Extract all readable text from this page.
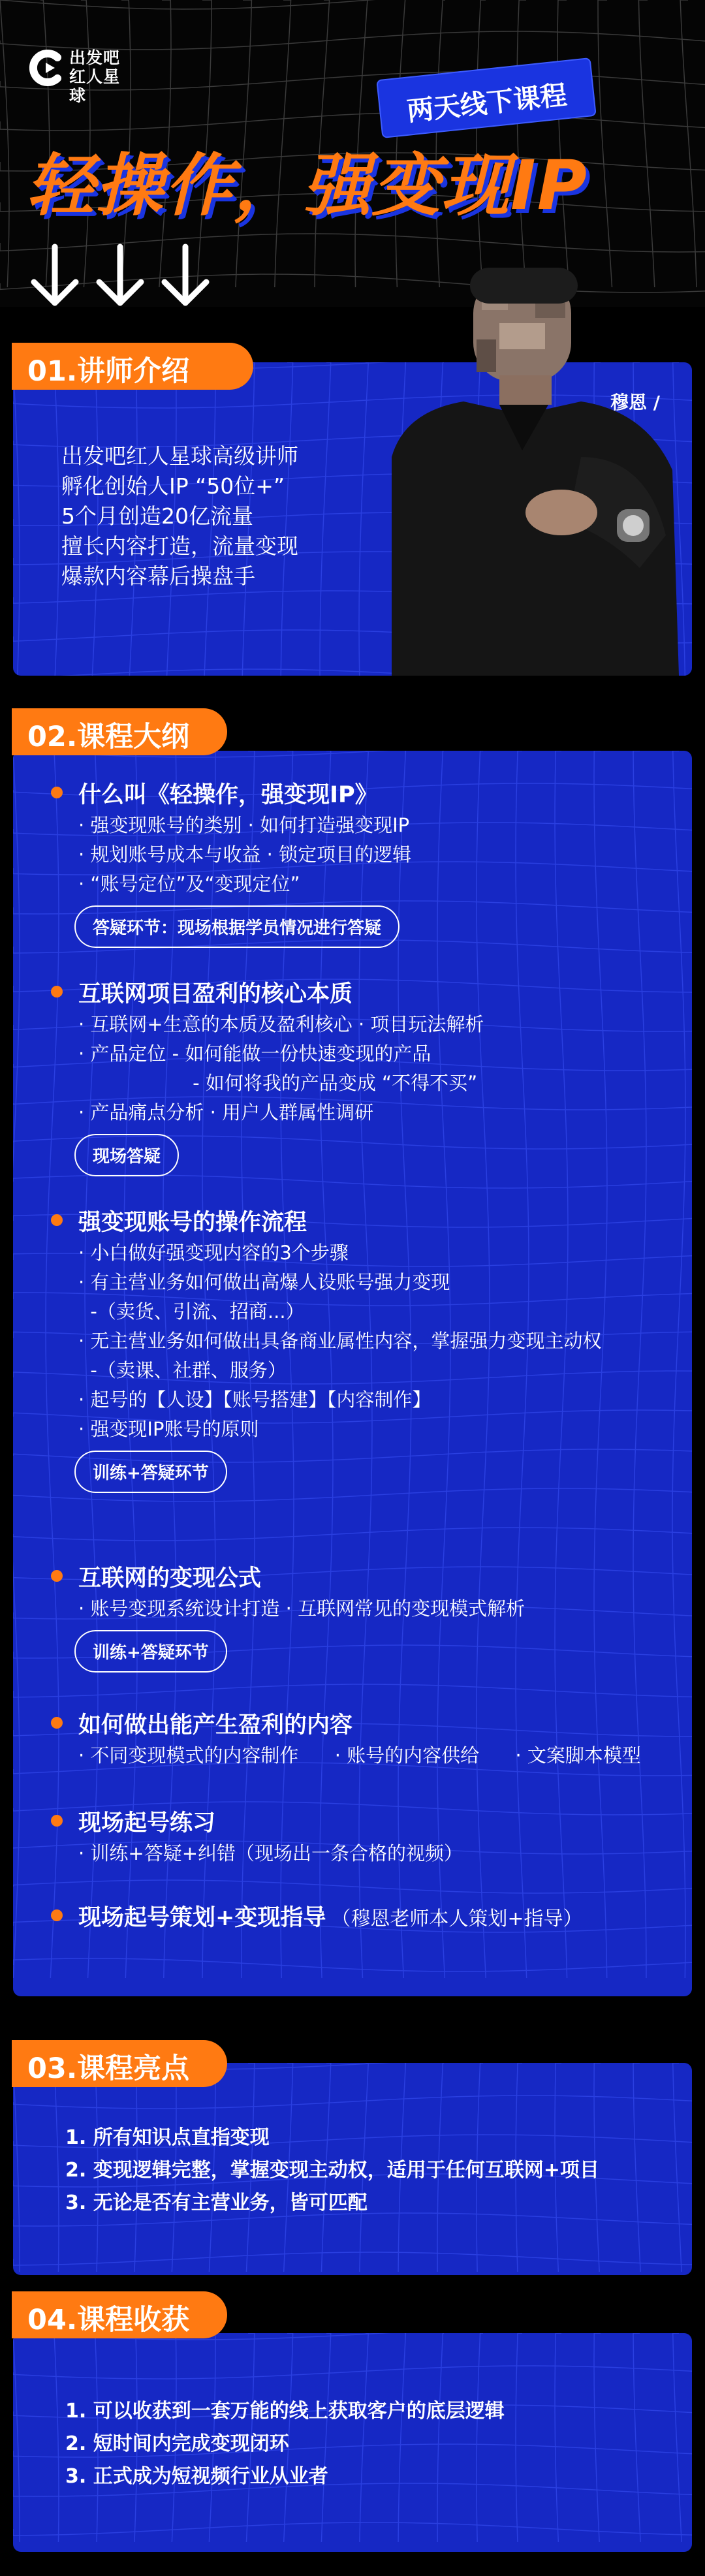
出发吧
红人星球	两天线下课程
轻操作，强变现IP
穆恩 /
01.讲师介绍
出发吧红人星球高级讲师
孵化创始人IP “50位+”
5个月创造20亿流量
擅长内容打造，流量变现
爆款内容幕后操盘手
什么叫《轻操作，强变现IP》
· 强变现账号的类别 · 如何打造强变现IP
· 规划账号成本与收益 · 锁定项目的逻辑
· “账号定位”及“变现定位”
答疑环节：现场根据学员情况进行答疑
互联网项目盈利的核心本质
· 互联网+生意的本质及盈利核心 · 项目玩法解析
· 产品定位 - 如何能做一份快速变现的产品
- 如何将我的产品变成 “不得不买”
· 产品痛点分析 · 用户人群属性调研
现场答疑
强变现账号的操作流程
· 小白做好强变现内容的3个步骤
· 有主营业务如何做出高爆人设账号强力变现
-（卖货、引流、招商...）
· 无主营业务如何做出具备商业属性内容，掌握强力变现主动权
-（卖课、社群、服务）
· 起号的【人设】【账号搭建】【内容制作】
· 强变现IP账号的原则
训练+答疑环节
互联网的变现公式
· 账号变现系统设计打造 · 互联网常见的变现模式解析
训练+答疑环节
如何做出能产生盈利的内容
· 不同变现模式的内容制作      · 账号的内容供给      · 文案脚本模型
现场起号练习
· 训练+答疑+纠错（现场出一条合格的视频）
现场起号策划+变现指导 （穆恩老师本人策划+指导）
02.课程大纲
1. 所有知识点直指变现
2. 变现逻辑完整，掌握变现主动权，适用于任何互联网+项目
3. 无论是否有主营业务，皆可匹配
03.课程亮点
1. 可以收获到一套万能的线上获取客户的底层逻辑
2. 短时间内完成变现闭环
3. 正式成为短视频行业从业者
04.课程收获
